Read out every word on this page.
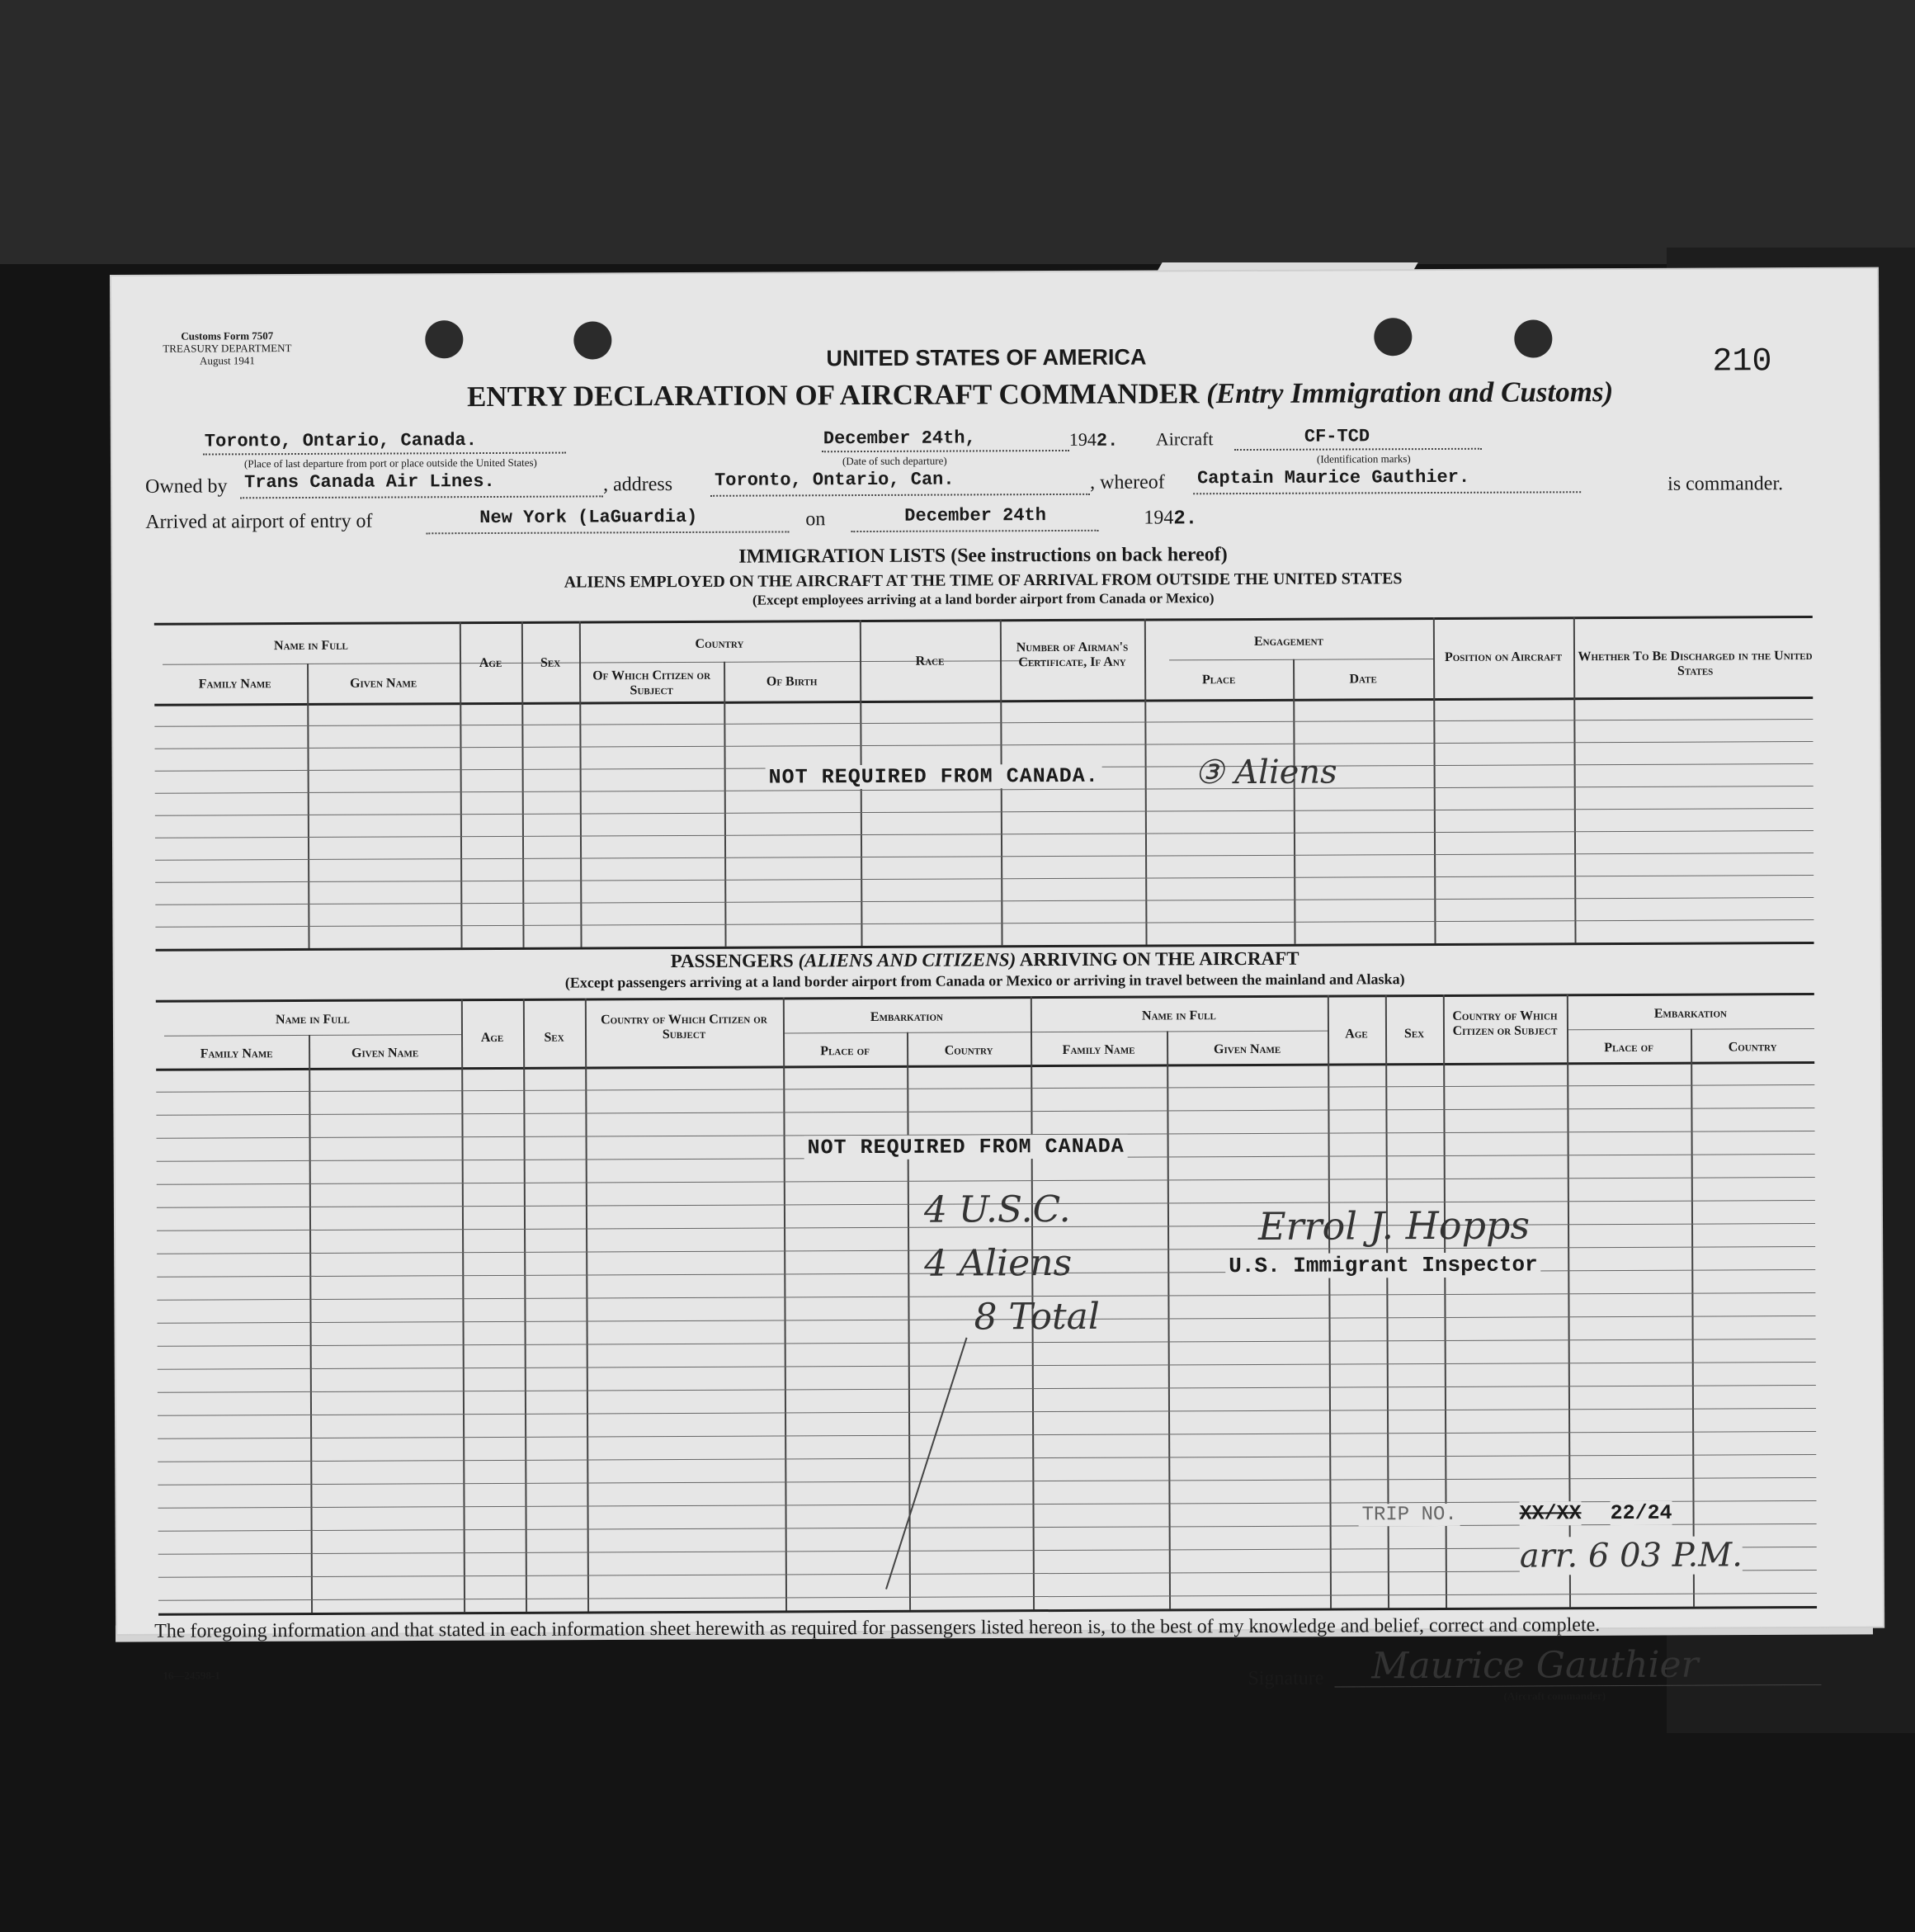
Customs Form 7507
TREASURY DEPARTMENT
August 1941	UNITED STATES OF AMERICA	210
ENTRY DECLARATION OF AIRCRAFT COMMANDER (Entry Immigration and Customs)
Toronto, Ontario, Canada.
(Place of last departure from port or place outside the United States)
December 24th,
(Date of such departure)
1942. Aircraft	CF-TCD
(Identification marks)
Owned by Trans Canada Air Lines.	, address Toronto, Ontario, Can.	, whereof Captain Maurice Gauthier.	is commander.
Arrived at airport of entry of	New York (LaGuardia)	on	December 24th	1942.
IMMIGRATION LISTS (See instructions on back hereof)
ALIENS EMPLOYED ON THE AIRCRAFT AT THE TIME OF ARRIVAL FROM OUTSIDE THE UNITED STATES
(Except employees arriving at a land border airport from Canada or Mexico)
Name in Full
Family Name	Given Name
Age	Sex
Country
Of Which Citizen or Subject
Of Birth
Race
Number of Airman's Certificate, If Any
Engagement
Place	Date
Position on Aircraft	Whether To Be Discharged in the United States
NOT REQUIRED FROM CANADA.	③ Aliens
PASSENGERS (ALIENS AND CITIZENS) ARRIVING ON THE AIRCRAFT
(Except passengers arriving at a land border airport from Canada or Mexico or arriving in travel between the mainland and Alaska)
Name in Full
Family Name	Given Name
Age	Sex
Country of Which Citizen or Subject
Embarkation
Place of	Country
Name in Full
Family Name	Given Name
Age	Sex
Country of Which Citizen or Subject
Embarkation
Place of	Country
NOT REQUIRED FROM CANADA
4 U.S.C.
4 Aliens
8 Total
Errol J. Hopps
U.S. Immigrant Inspector
TRIP NO.	XX/XX 22/24
arr. 6 03 P.M.
The foregoing information and that stated in each information sheet herewith as required for passengers listed hereon is, to the best of my knowledge and belief, correct and complete.
16—24598-1	Signature Maurice Gauthier
(Aircraft commander)
